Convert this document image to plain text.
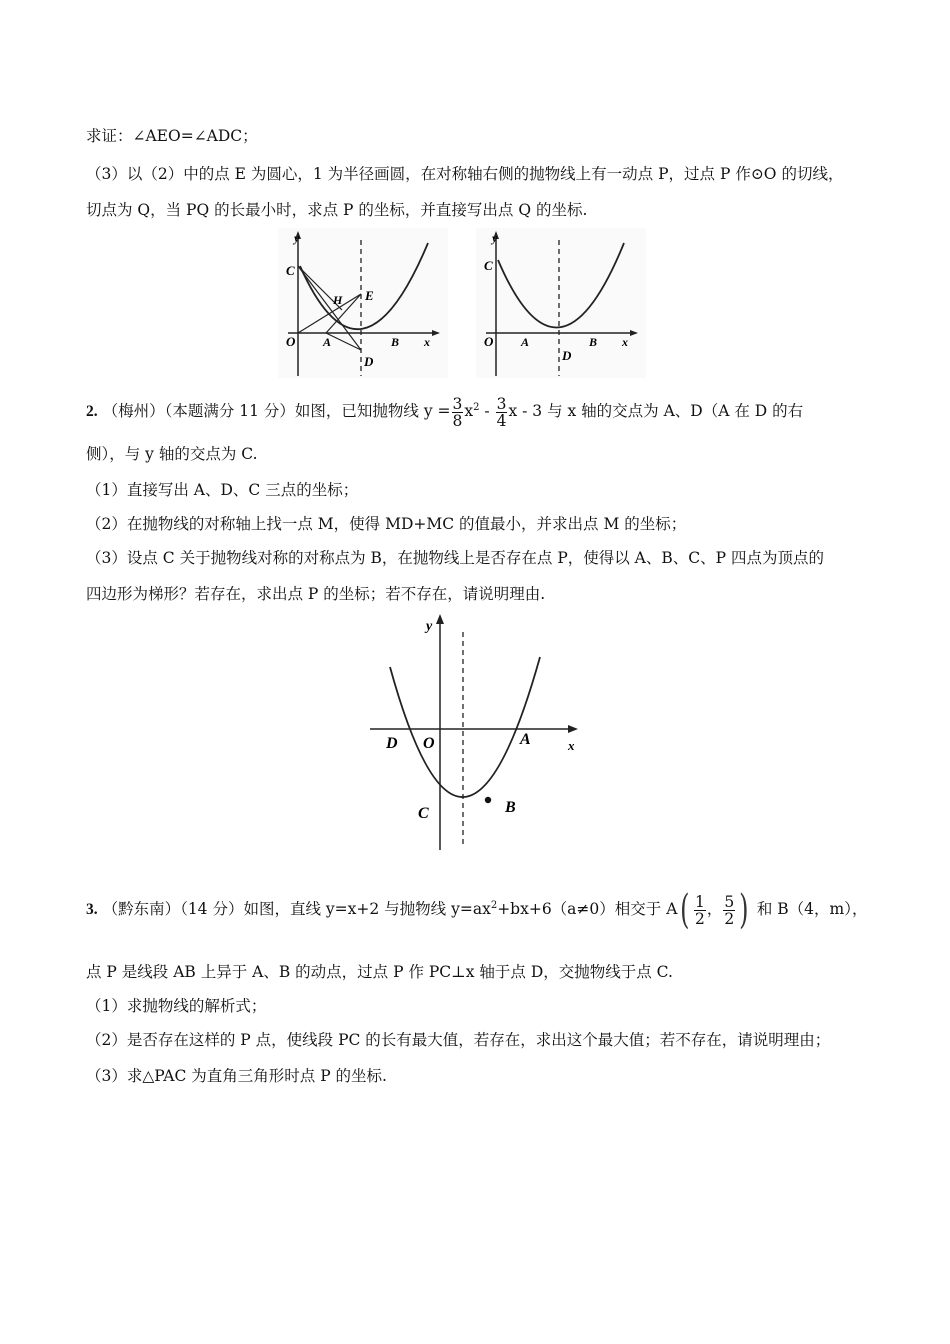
求证：∠AEO=∠ADC；
（3）以（2）中的点 E 为圆心，1 为半径画圆，在对称轴右侧的抛物线上有一动点 P，过点 P 作⊙O 的切线，
切点为 Q，当 PQ 的长最小时，求点 P 的坐标，并直接写出点 Q 的坐标.
y
C
H E
O A	B
D
x
y
C
O A	B
D
x
2. （梅州）（本题满分 11 分）如图，已知抛物线 $y = \frac{3}{8} x^2 - \frac{3}{4}$ x - 3 与 x 轴的交点为 A、D（A 在 D 的右
侧），与 y 轴的交点为 C.
（1）直接写出 A、D、C 三点的坐标；
（2）在抛物线的对称轴上找一点 M，使得 MD+MC 的值最小，并求出点 M 的坐标；
（3）设点 C 关于抛物线对称的对称点为 B，在抛物线上是否存在点 P，使得以 A、B、C、P 四点为顶点的
四边形为梯形？若存在，求出点 P 的坐标；若不存在，请说明理由.
y
x
D O	A
C	B
3. （黔东南）（14 分）如图，直线 y=x+2 与抛物线 $y=ax^2+bx+6(a\ne 0)$相交于 $A( \frac{1}{2}$ ， $\frac{5}{2}$ ) 和 B（4，m），
点 P 是线段 AB 上异于 A、B 的动点，过点 P 作 PC⊥x 轴于点 D，交抛物线于点 C.
（1）求抛物线的解析式；
（2）是否存在这样的 P 点，使线段 PC 的长有最大值，若存在，求出这个最大值；若不存在，请说明理由；
（3）求△PAC 为直角三角形时点 P 的坐标.
